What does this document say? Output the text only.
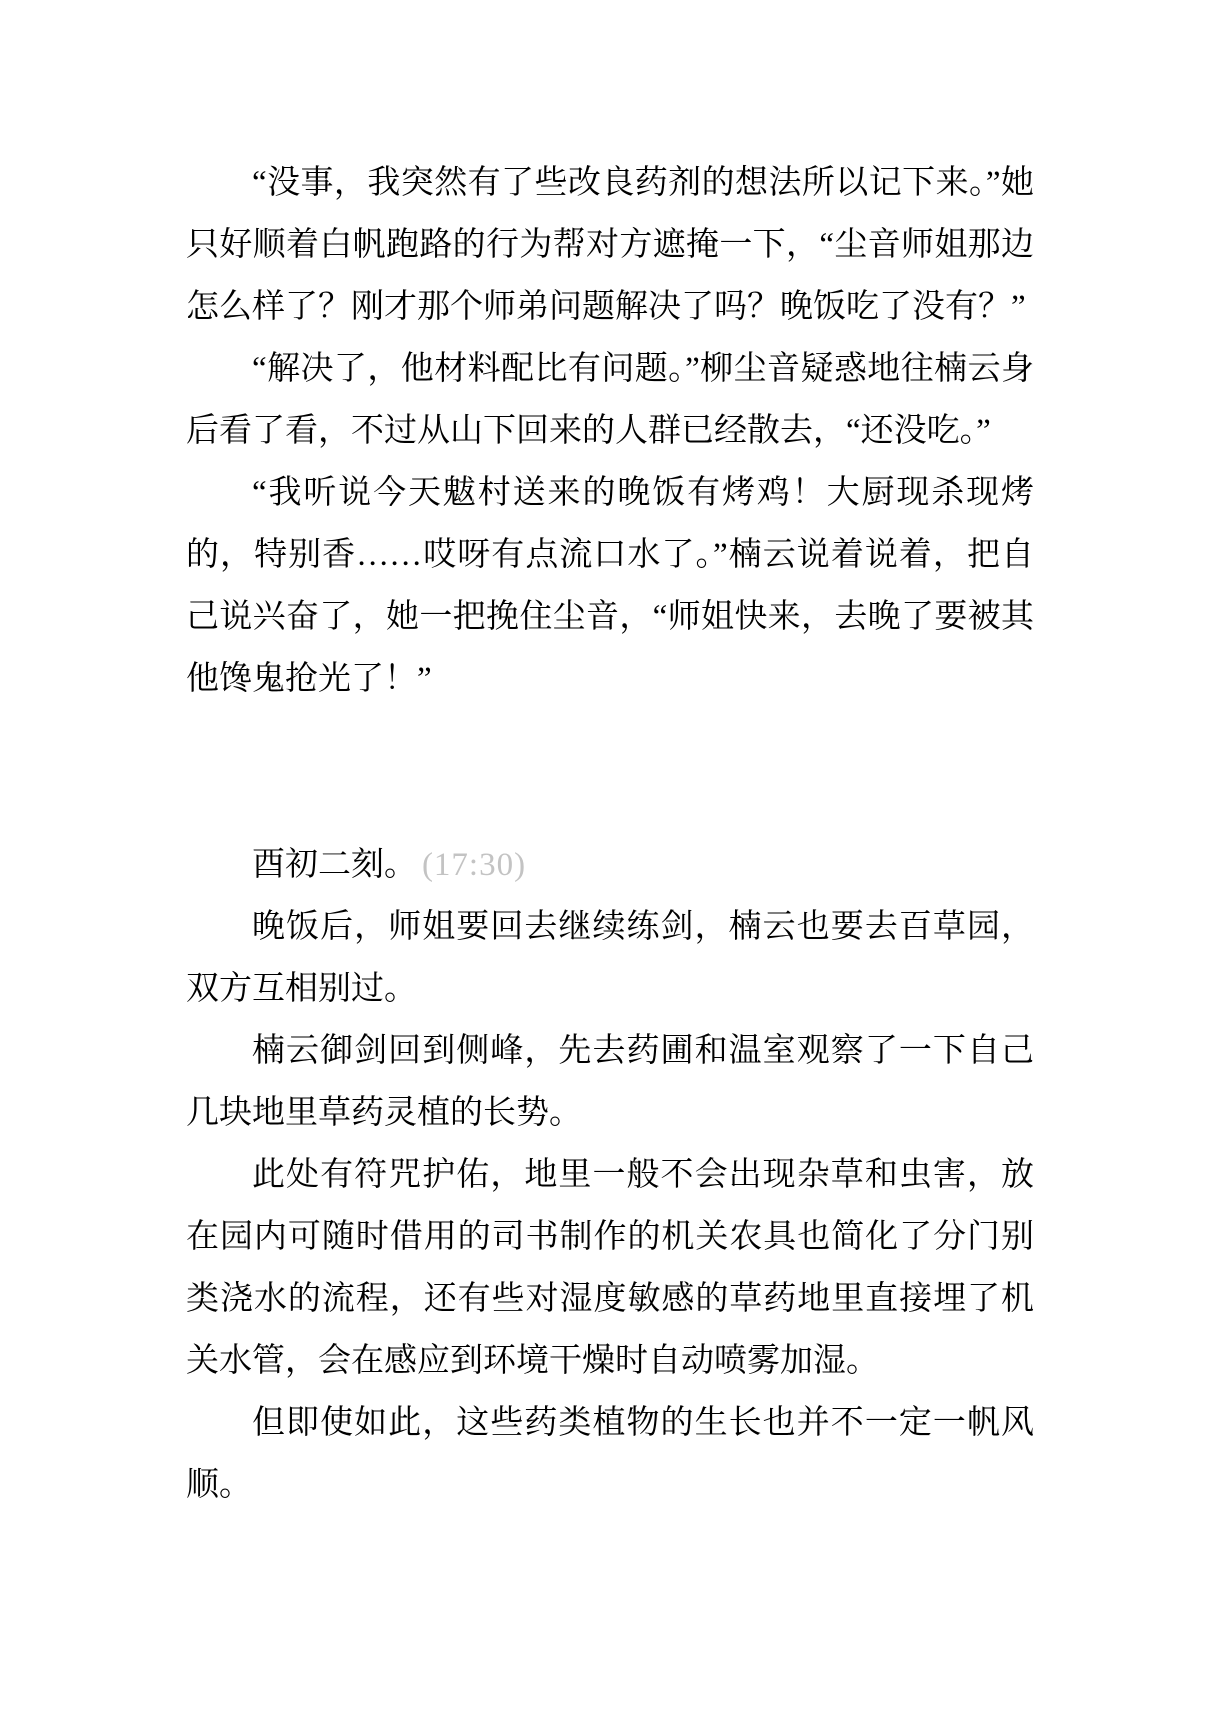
“没事，我突然有了些改良药剂的想法所以记下来。”她只好顺着白帆跑路的行为帮对方遮掩一下，“尘音师姐那边怎么样了？刚才那个师弟问题解决了吗？晚饭吃了没有？”

“解决了，他材料配比有问题。”柳尘音疑惑地往楠云身后看了看，不过从山下回来的人群已经散去，“还没吃。”

“我听说今天魃村送来的晚饭有烤鸡！大厨现杀现烤的，特别香……哎呀有点流口水了。”楠云说着说着，把自己说兴奋了，她一把挽住尘音，“师姐快来，去晚了要被其他馋鬼抢光了！”

酉初二刻。 (17:30)

晚饭后，师姐要回去继续练剑，楠云也要去百草园，双方互相别过。

楠云御剑回到侧峰，先去药圃和温室观察了一下自己几块地里草药灵植的长势。

此处有符咒护佑，地里一般不会出现杂草和虫害，放在园内可随时借用的司书制作的机关农具也简化了分门别类浇水的流程，还有些对湿度敏感的草药地里直接埋了机关水管，会在感应到环境干燥时自动喷雾加湿。

但即使如此，这些药类植物的生长也并不一定一帆风顺。
